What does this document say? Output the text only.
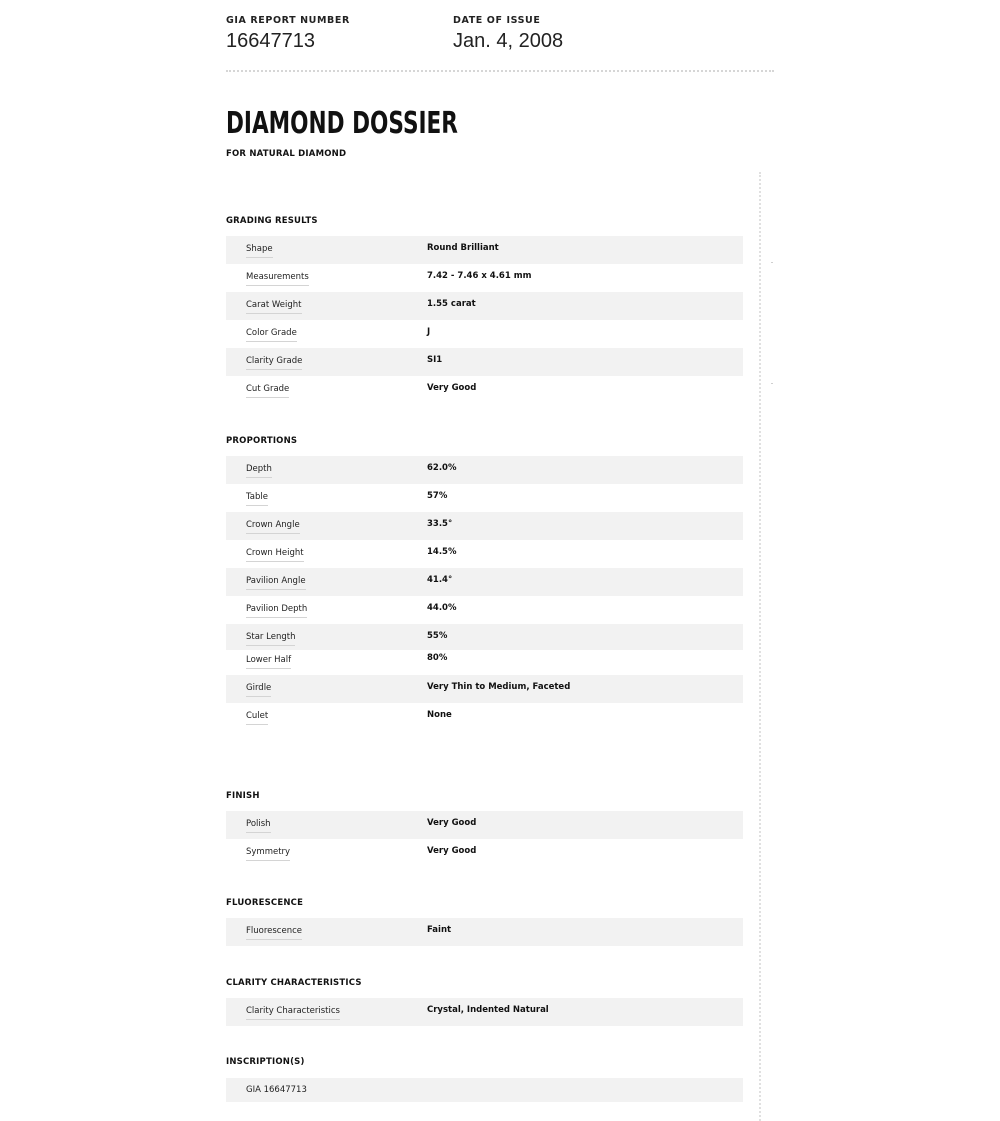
GIA REPORT NUMBER
16647713
DATE OF ISSUE
Jan. 4, 2008
DIAMOND DOSSIER
FOR NATURAL DIAMOND
GRADING RESULTS
Shape	Round Brilliant
Measurements	7.42 - 7.46 x 4.61 mm
Carat Weight	1.55 carat
Color Grade	J
Clarity Grade	SI1
Cut Grade	Very Good
PROPORTIONS
Depth	62.0%
Table	57%
Crown Angle	33.5°
Crown Height	14.5%
Pavilion Angle	41.4°
Pavilion Depth	44.0%
Star Length	55%
Lower Half	80%
Girdle	Very Thin to Medium, Faceted
Culet	None
FINISH
Polish	Very Good
Symmetry	Very Good
FLUORESCENCE
Fluorescence	Faint
CLARITY CHARACTERISTICS
Clarity Characteristics	Crystal, Indented Natural
INSCRIPTION(S)
GIA 16647713
